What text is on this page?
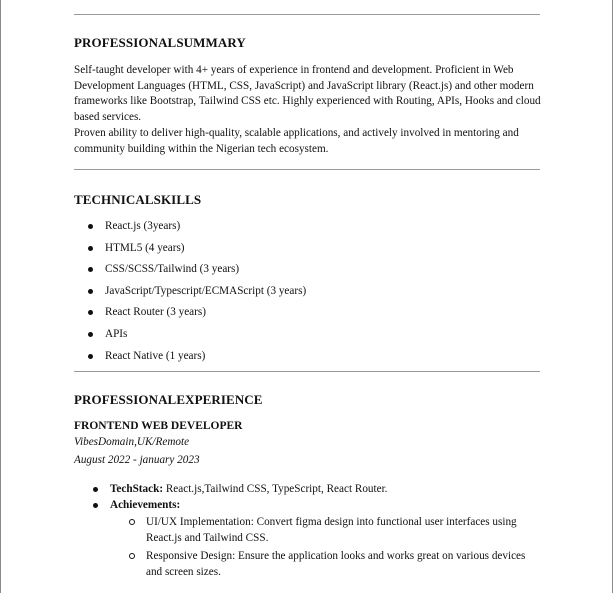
PROFESSIONALSUMMARY

Self-taught developer with 4+ years of experience in frontend and development. Proficient in Web Development Languages (HTML, CSS, JavaScript) and JavaScript library (React.js) and other modern frameworks like Bootstrap, Tailwind CSS etc. Highly experienced with Routing, APIs, Hooks and cloud based services.

Proven ability to deliver high-quality, scalable applications, and actively involved in mentoring and community building within the Nigerian tech ecosystem.

TECHNICALSKILLS
React.js (3years)
HTML5 (4 years)
CSS/SCSS/Tailwind (3 years)
JavaScript/Typescript/ECMAScript (3 years)
React Router (3 years)
APIs
React Native (1 years)
PROFESSIONALEXPERIENCE
FRONTEND WEB DEVELOPER
VibesDomain,UK/Remote
August 2022 - january 2023
TechStack: React.js,Tailwind CSS, TypeScript, React Router.
Achievements:
UI/UX Implementation: Convert figma design into functional user interfaces using React.js and Tailwind CSS.
Responsive Design: Ensure the application looks and works great on various devices and screen sizes.
